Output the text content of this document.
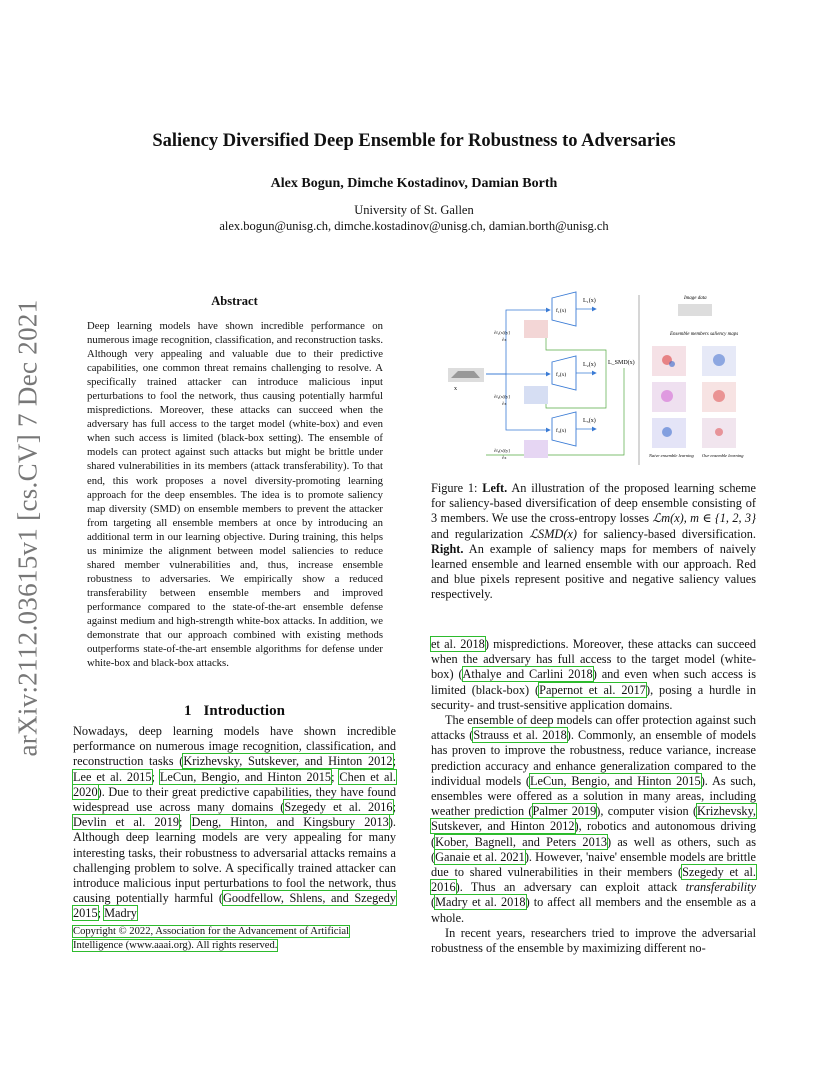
arXiv:2112.03615v1 [cs.CV] 7 Dec 2021
Saliency Diversified Deep Ensemble for Robustness to Adversaries
Alex Bogun, Dimche Kostadinov, Damian Borth
University of St. Gallen
alex.bogun@unisg.ch, dimche.kostadinov@unisg.ch, damian.borth@unisg.ch
Abstract
Deep learning models have shown incredible performance on numerous image recognition, classification, and reconstruction tasks. Although very appealing and valuable due to their predictive capabilities, one common threat remains challenging to resolve. A specifically trained attacker can introduce malicious input perturbations to fool the network, thus causing potentially harmful mispredictions. Moreover, these attacks can succeed when the adversary has full access to the target model (white-box) and even when such access is limited (black-box setting). The ensemble of models can protect against such attacks but might be brittle under shared vulnerabilities in its members (attack transferability). To that end, this work proposes a novel diversity-promoting learning approach for the deep ensembles. The idea is to promote saliency map diversity (SMD) on ensemble members to prevent the attacker from targeting all ensemble members at once by introducing an additional term in our learning objective. During training, this helps us minimize the alignment between model saliencies to reduce shared member vulnerabilities and, thus, increase ensemble robustness to adversaries. We empirically show a reduced transferability between ensemble members and improved performance compared to the state-of-the-art ensemble defense against medium and high-strength white-box attacks. In addition, we demonstrate that our approach combined with existing methods outperforms state-of-the-art ensemble algorithms for defense under white-box and black-box attacks.
1 Introduction

Nowadays, deep learning models have shown incredible performance on numerous image recognition, classification, and reconstruction tasks (Krizhevsky, Sutskever, and Hinton 2012; Lee et al. 2015; LeCun, Bengio, and Hinton 2015; Chen et al. 2020). Due to their great predictive capabilities, they have found widespread use across many domains (Szegedy et al. 2016; Devlin et al. 2019; Deng, Hinton, and Kingsbury 2013). Although deep learning models are very appealing for many interesting tasks, their robustness to adversarial attacks remains a challenging problem to solve. A specifically trained attacker can introduce malicious input perturbations to fool the network, thus causing potentially harmful (Goodfellow, Shlens, and Szegedy 2015; Madry

Copyright © 2022, Association for the Advancement of Artificial Intelligence (www.aaai.org). All rights reserved.
x
f₁(x)
f₂(x)
f₃(x)
L₁(x)
L₂(x)
L₃(x)
L_SMD(x)
∂f₁(x)[y]
∂x
∂f₂(x)[y]
∂x
∂f₃(x)[y]
∂x
Image data
Ensemble members saliency maps
Naive ensemble learning Our ensemble learning
Figure 1: Left. An illustration of the proposed learning scheme for saliency-based diversification of deep ensemble consisting of 3 members. We use the cross-entropy losses ℒm(x), m ∈ {1, 2, 3} and regularization ℒSMD(x) for saliency-based diversification. Right. An example of saliency maps for members of naively learned ensemble and learned ensemble with our approach. Red and blue pixels represent positive and negative saliency values respectively.

et al. 2018) mispredictions. Moreover, these attacks can succeed when the adversary has full access to the target model (white-box) (Athalye and Carlini 2018) and even when such access is limited (black-box) (Papernot et al. 2017), posing a hurdle in security- and trust-sensitive application domains.

The ensemble of deep models can offer protection against such attacks (Strauss et al. 2018). Commonly, an ensemble of models has proven to improve the robustness, reduce variance, increase prediction accuracy and enhance generalization compared to the individual models (LeCun, Bengio, and Hinton 2015). As such, ensembles were offered as a solution in many areas, including weather prediction (Palmer 2019), computer vision (Krizhevsky, Sutskever, and Hinton 2012), robotics and autonomous driving (Kober, Bagnell, and Peters 2013) as well as others, such as (Ganaie et al. 2021). However, 'naive' ensemble models are brittle due to shared vulnerabilities in their members (Szegedy et al. 2016). Thus an adversary can exploit attack transferability (Madry et al. 2018) to affect all members and the ensemble as a whole.

In recent years, researchers tried to improve the adversarial robustness of the ensemble by maximizing different no-
